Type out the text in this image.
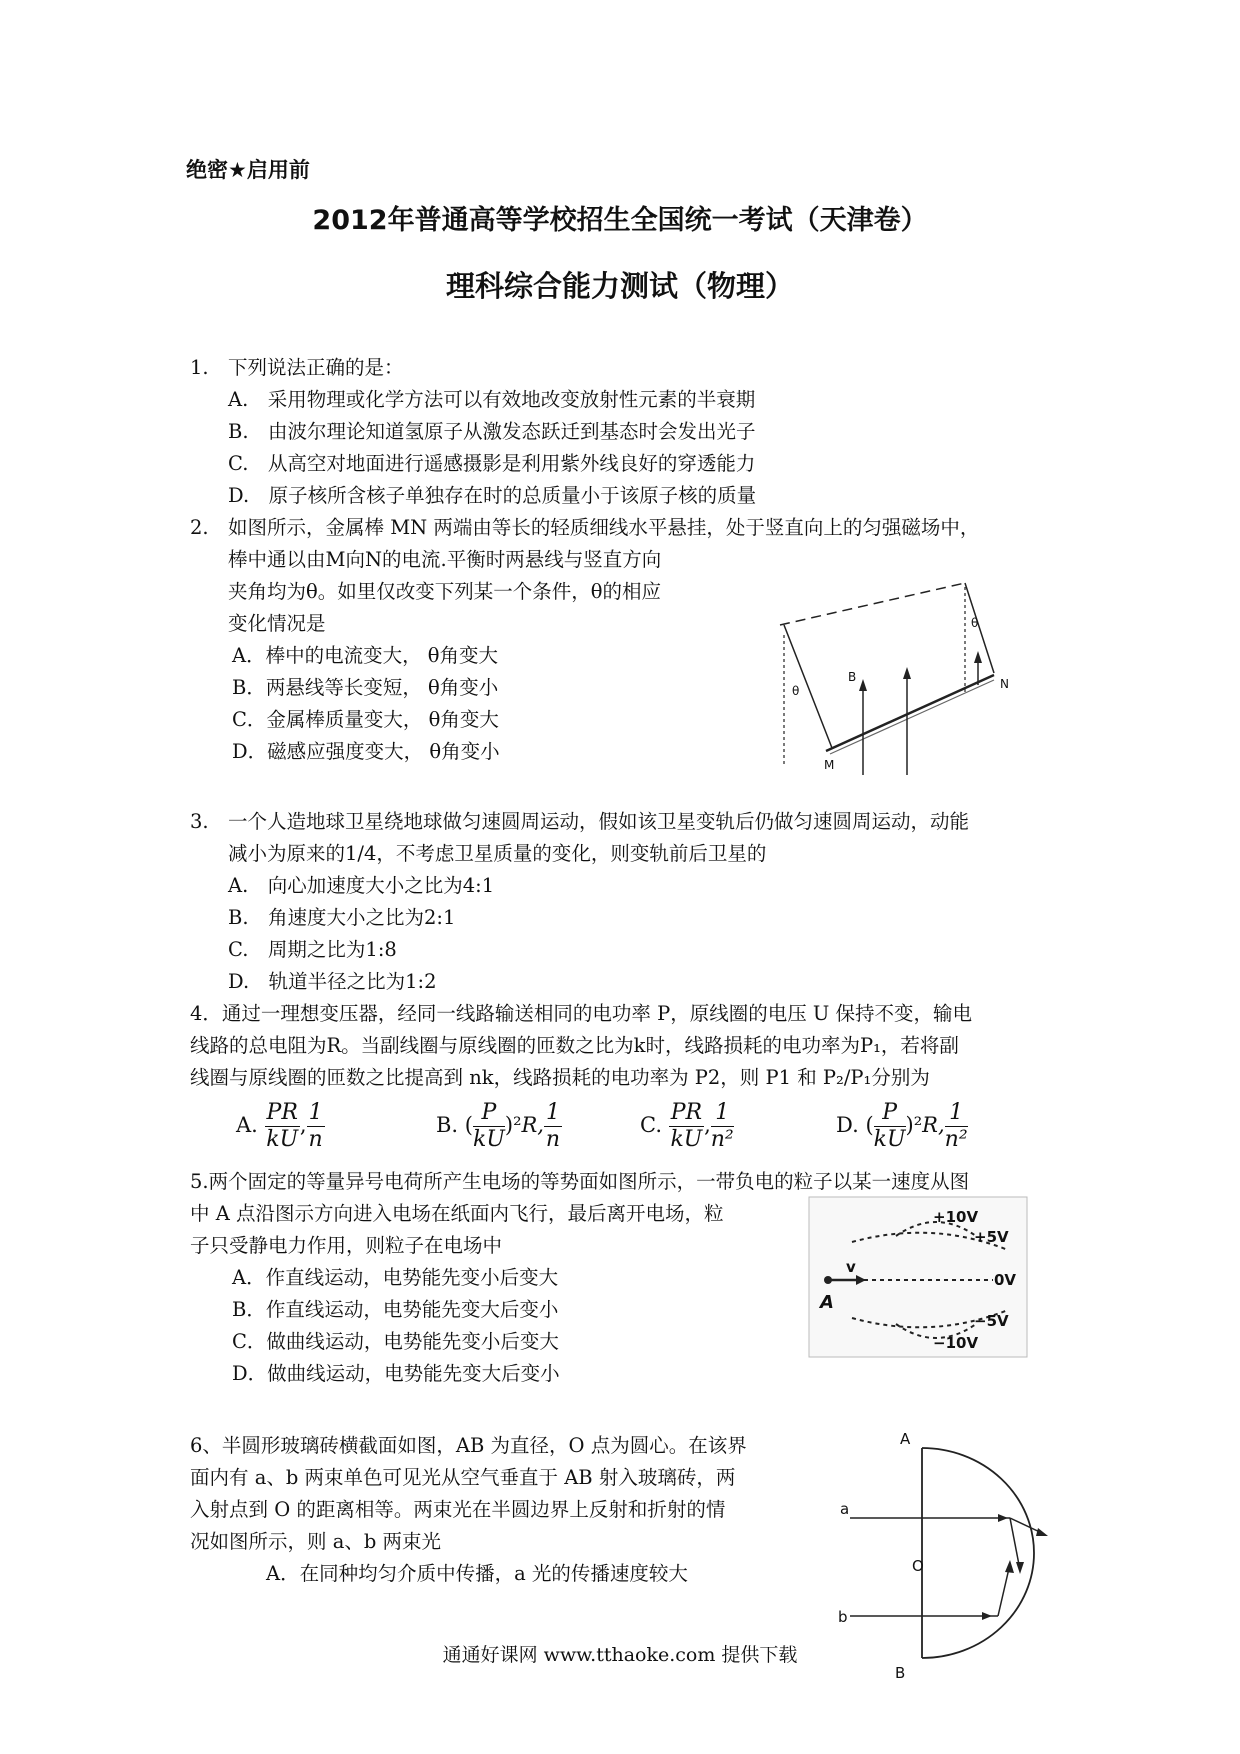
绝密★启用前
2012年普通高等学校招生全国统一考试（天津卷）
理科综合能力测试（物理）
1. 下列说法正确的是：
A.　采用物理或化学方法可以有效地改变放射性元素的半衰期
B.　由波尔理论知道氢原子从激发态跃迁到基态时会发出光子
C.　从高空对地面进行遥感摄影是利用紫外线良好的穿透能力
D.　原子核所含核子单独存在时的总质量小于该原子核的质量
2. 如图所示，金属棒 MN 两端由等长的轻质细线水平悬挂，处于竖直向上的匀强磁场中，
棒中通以由M向N的电流.平衡时两悬线与竖直方向
夹角均为θ。如里仅改变下列某一个条件，θ的相应
变化情况是
A．棒中的电流变大， θ角变大
B．两悬线等长变短， θ角变小
C．金属棒质量变大， θ角变大
D．磁感应强度变大， θ角变小
θ
θ
B	N
M
3. 一个人造地球卫星绕地球做匀速圆周运动，假如该卫星变轨后仍做匀速圆周运动，动能
减小为原来的1/4，不考虑卫星质量的变化，则变轨前后卫星的
A.　向心加速度大小之比为4:1
B.　角速度大小之比为2:1
C.　周期之比为1:8
D.　轨道半径之比为1:2
4．通过一理想变压器，经同一线路输送相同的电功率 P，原线圈的电压 U 保持不变，输电
线路的总电阻为R。当副线圈与原线圈的匝数之比为k时，线路损耗的电功率为P₁，若将副
线圈与原线圈的匝数之比提高到 nk，线路损耗的电功率为 P2，则 P1 和 P₂/P₁分别为
A. $\frac{PR}{kU}$ , $\frac{1}{n}$	B. ( $\frac{P}{kU} )^2R$, $\frac{1}{n}$	C. $\frac{PR}{kU}$ , $\frac{1}{\text{n²}}$	D. ( $\frac{P}{kU} )^2R$, $\frac{1}{\text{n²}}$
5.两个固定的等量异号电荷所产生电场的等势面如图所示，一带负电的粒子以某一速度从图
中 A 点沿图示方向进入电场在纸面内飞行，最后离开电场，粒
子只受静电力作用，则粒子在电场中
A．作直线运动，电势能先变小后变大
B．作直线运动，电势能先变大后变小
C．做曲线运动，电势能先变小后变大
D．做曲线运动，电势能先变大后变小
+10V
+5V
0V
−5V
−10V
v
A
6、半圆形玻璃砖横截面如图，AB 为直径，O 点为圆心。在该界
面内有 a、b 两束单色可见光从空气垂直于 AB 射入玻璃砖，两
入射点到 O 的距离相等。两束光在半圆边界上反射和折射的情
况如图所示，则 a、b 两束光
A．在同种均匀介质中传播，a 光的传播速度较大
A
B
a
b
O
通通好课网 www.tthaoke.com 提供下载
